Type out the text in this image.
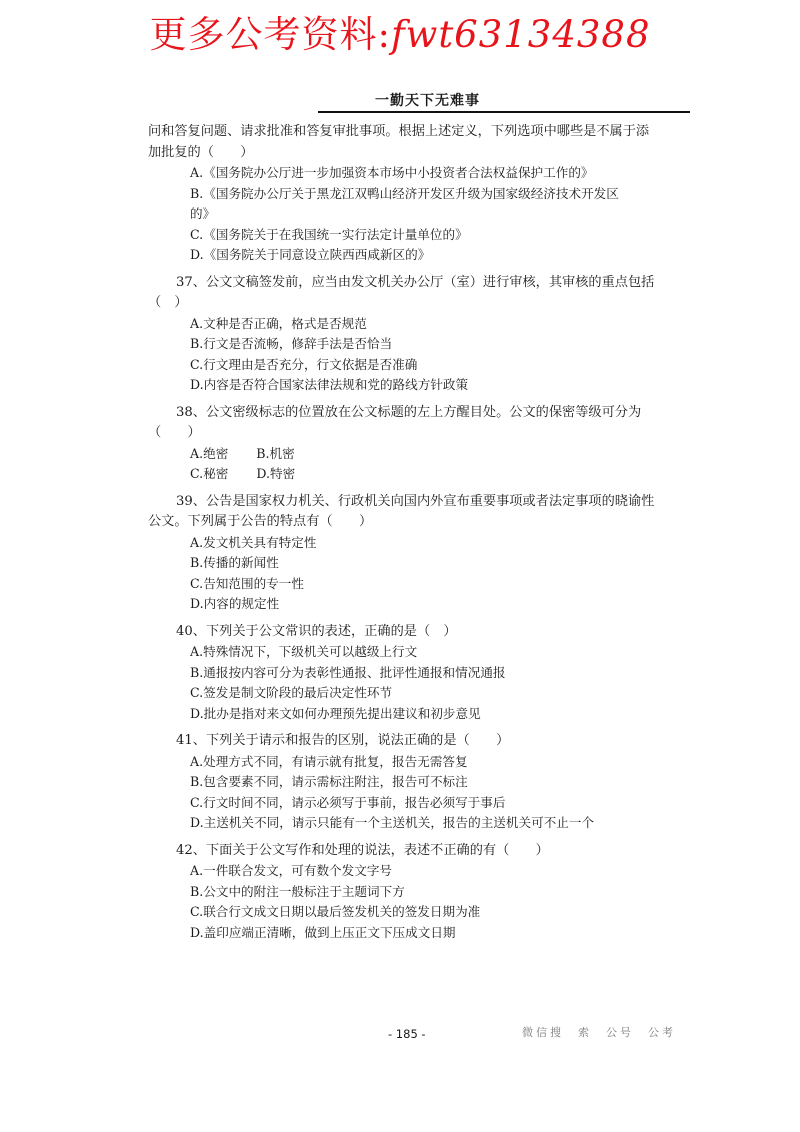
更多公考资料:fwt63134388
一勤天下无难事

问和答复问题、请求批准和答复审批事项。根据上述定义，下列选项中哪些是不属于添
加批复的（　　）
A.《国务院办公厅进一步加强资本市场中小投资者合法权益保护工作的》
B.《国务院办公厅关于黑龙江双鸭山经济开发区升级为国家级经济技术开发区
的》
C.《国务院关于在我国统一实行法定计量单位的》
D.《国务院关于同意设立陕西西咸新区的》
37、公文文稿签发前，应当由发文机关办公厅（室）进行审核，其审核的重点包括
（　）
A.文种是否正确，格式是否规范
B.行文是否流畅，修辞手法是否恰当
C.行文理由是否充分，行文依据是否准确
D.内容是否符合国家法律法规和党的路线方针政策
38、公文密级标志的位置放在公文标题的左上方醒目处。公文的保密等级可分为
（　　）
A.绝密 B.机密
C.秘密 D.特密
39、公告是国家权力机关、行政机关向国内外宣布重要事项或者法定事项的晓谕性
公文。下列属于公告的特点有（　　）
A.发文机关具有特定性
B.传播的新闻性
C.告知范围的专一性
D.内容的规定性
40、下列关于公文常识的表述，正确的是（　）
A.特殊情况下，下级机关可以越级上行文
B.通报按内容可分为表彰性通报、批评性通报和情况通报
C.签发是制文阶段的最后决定性环节
D.批办是指对来文如何办理预先提出建议和初步意见
41、下列关于请示和报告的区别，说法正确的是（　　）
A.处理方式不同，有请示就有批复，报告无需答复
B.包含要素不同，请示需标注附注，报告可不标注
C.行文时间不同，请示必须写于事前，报告必须写于事后
D.主送机关不同，请示只能有一个主送机关，报告的主送机关可不止一个
42、下面关于公文写作和处理的说法，表述不正确的有（　　）
A.一件联合发文，可有数个发文字号
B.公文中的附注一般标注于主题词下方
C.联合行文成文日期以最后签发机关的签发日期为准
D.盖印应端正清晰，做到上压正文下压成文日期
- 185 -	微信搜　索　公号　公考
